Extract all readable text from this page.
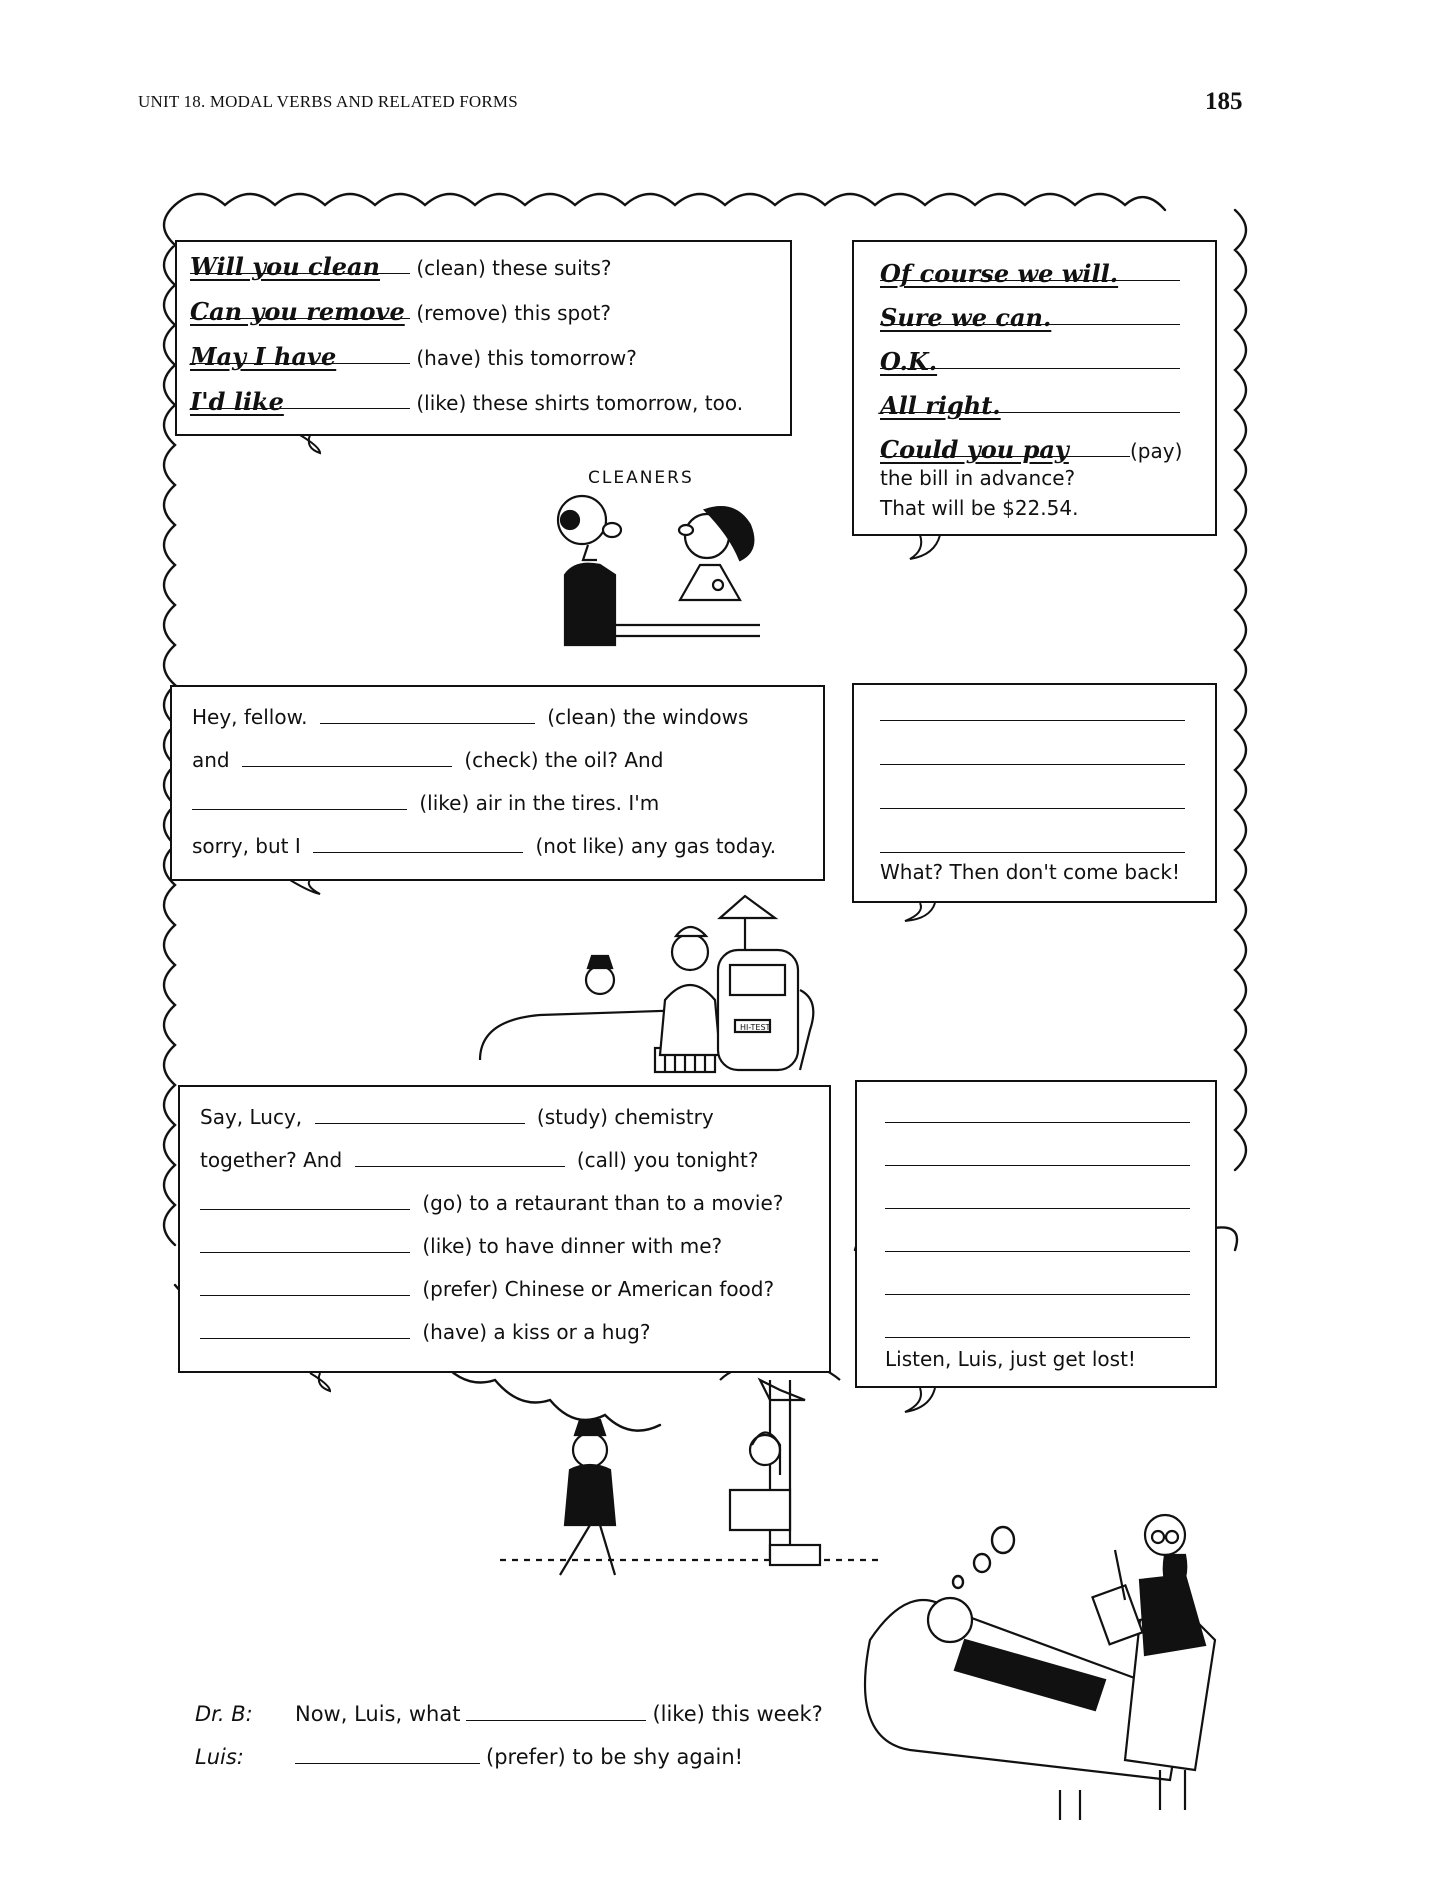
UNIT 18. MODAL VERBS AND RELATED FORMS	185
HI-TEST
Will you clean (clean) these suits?
Can you remove (remove) this spot?
May I have	(have) this tomorrow?
I'd like	(like) these shirts tomorrow, too.
CLEANERS
Of course we will.
Sure we can.
O.K.
All right.
Could you pay	(pay)
the bill in advance?
That will be $22.54.
Hey, fellow.	(clean) the windows
and	(check) the oil? And
(like) air in the tires. I'm
sorry, but I	(not like) any gas today.
What? Then don't come back!
Say, Lucy,	(study) chemistry
together? And	(call) you tonight?
(go) to a retaurant than to a movie?
(like) to have dinner with me?
(prefer) Chinese or American food?
(have) a kiss or a hug?
Listen, Luis, just get lost!
Dr. B: Now, Luis, what	(like) this week?
Luis:	(prefer) to be shy again!
